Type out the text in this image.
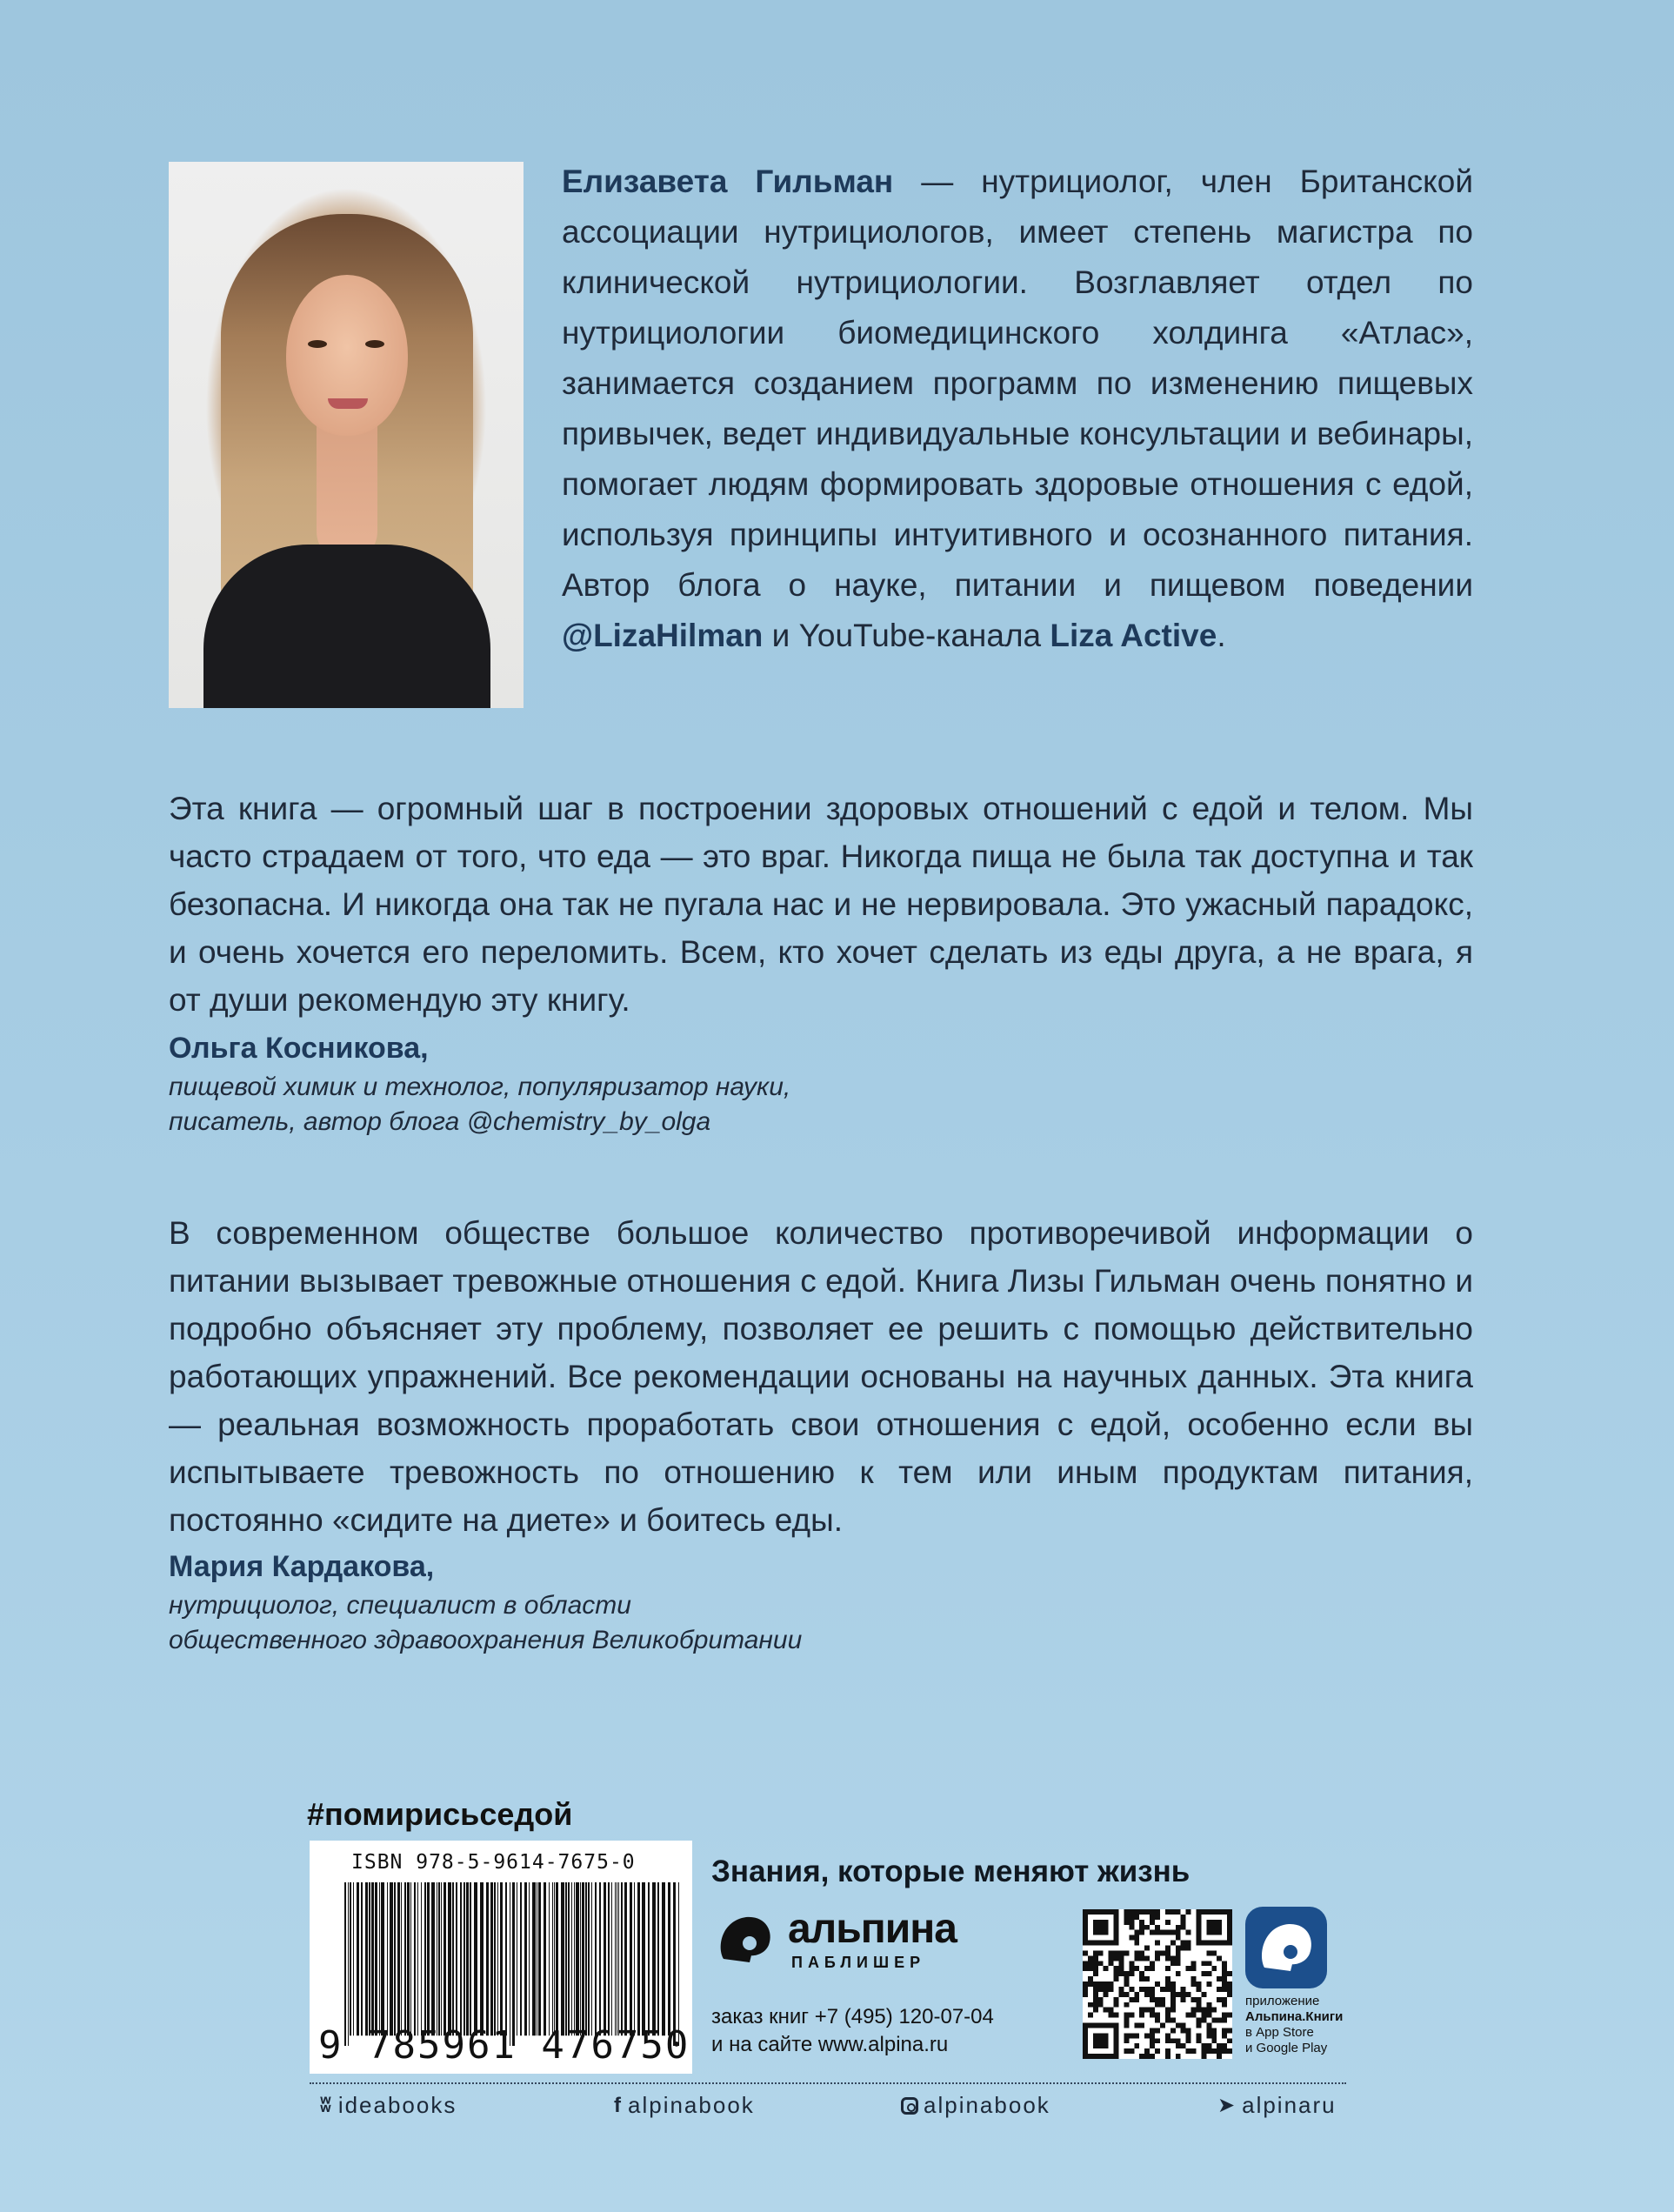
Елизавета Гильман — нутрициолог, член Британской ассоциации нутрициологов, имеет степень магистра по клинической нутрициологии. Возглавляет отдел по нутрициологии биомедицинского холдинга «Атлас», занимается созданием программ по изменению пищевых привычек, ведет индивидуальные консультации и вебинары, помогает людям формировать здоровые отношения с едой, используя принципы интуитивного и осознанного питания. Автор блога о науке, питании и пищевом поведении @LizaHilman и YouTube-канала Liza Active.
Эта книга — огромный шаг в построении здоровых отношений с едой и телом. Мы часто страдаем от того, что еда — это враг. Никогда пища не была так доступна и так безопасна. И никогда она так не пугала нас и не нервировала. Это ужасный парадокс, и очень хочется его переломить. Всем, кто хочет сделать из еды друга, а не врага, я от души рекомендую эту книгу.
Ольга Косникова,
пищевой химик и технолог, популяризатор науки,
писатель, автор блога @chemistry_by_olga
В современном обществе большое количество противоречивой информации о питании вызывает тревожные отношения с едой. Книга Лизы Гильман очень понятно и подробно объясняет эту проблему, позволяет ее решить с помощью действительно работающих упражнений. Все рекомендации основаны на научных данных. Эта книга — реальная возможность проработать свои отношения с едой, особенно если вы испытываете тревожность по отношению к тем или иным продуктам питания, постоянно «сидите на диете» и боитесь еды.
Мария Кардакова,
нутрициолог, специалист в области
общественного здравоохранения Великобритании
#помирисьседой
ISBN 978-5-9614-7675-0
9 785961 476750
Знания, которые меняют жизнь
альпина
ПАБЛИШЕР
заказ книг +7 (495) 120-07-04
и на сайте www.alpina.ru
приложение
Альпина.Книги
в App Store
и Google Play
ʬ ideabooks	f alpinabook	alpinabook	➤ alpinaru
